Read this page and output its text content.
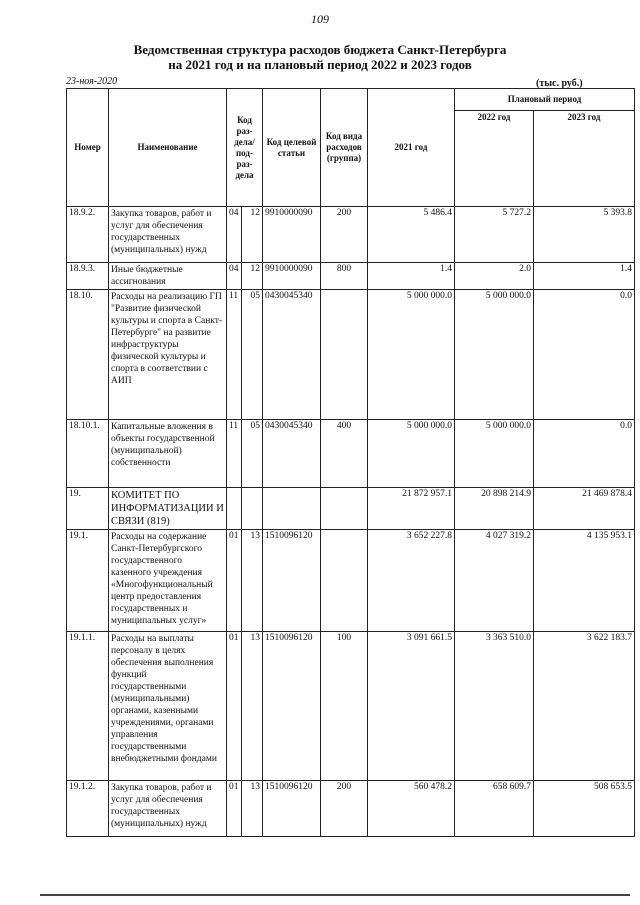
109
Ведомственная структура расходов бюджета Санкт-Петербурга
на 2021 год и на плановый период 2022 и 2023 годов
23-ноя-2020	(тыс. руб.)
Номер	Наименование	Код раз- дела/ под- раз- дела		Код целевой статьи	Код вида расходов (группа)	2021 год	Плановый период	
							2022 год	2023 год
18.9.2.	Закупка товаров, работ и услуг для обеспечения государственных (муниципальных) нужд	04	12	9910000090	200	5 486.4	5 727.2	5 393.8
18.9.3.	Иные бюджетные ассигнования	04	12	9910000090	800	1.4	2.0	1.4
18.10.	Расходы на реализацию ГП "Развитие физической культуры и спорта в Санкт-Петербурге" на развитие инфраструктуры физической культуры и спорта в соответствии с АИП	11	05	0430045340		5 000 000.0	5 000 000.0	0.0
18.10.1.	Капитальные вложения в объекты государственной (муниципальной) собственности	11	05	0430045340	400	5 000 000.0	5 000 000.0	0.0
19.	КОМИТЕТ ПО ИНФОРМАТИЗАЦИИ И СВЯЗИ (819)					21 872 957.1	20 898 214.9	21 469 878.4
19.1.	Расходы на содержание Санкт-Петербургского государственного казенного учреждения «Многофункциональный центр предоставления государственных и муниципальных услуг»	01	13	1510096120		3 652 227.8	4 027 319.2	4 135 953.1
19.1.1.	Расходы на выплаты персоналу в целях обеспечения выполнения функций государственными (муниципальными) органами, казенными учреждениями, органами управления государственными внебюджетными фондами	01	13	1510096120	100	3 091 661.5	3 363 510.0	3 622 183.7
19.1.2.	Закупка товаров, работ и услуг для обеспечения государственных (муниципальных) нужд	01	13	1510096120	200	560 478.2	658 609.7	508 653.5
